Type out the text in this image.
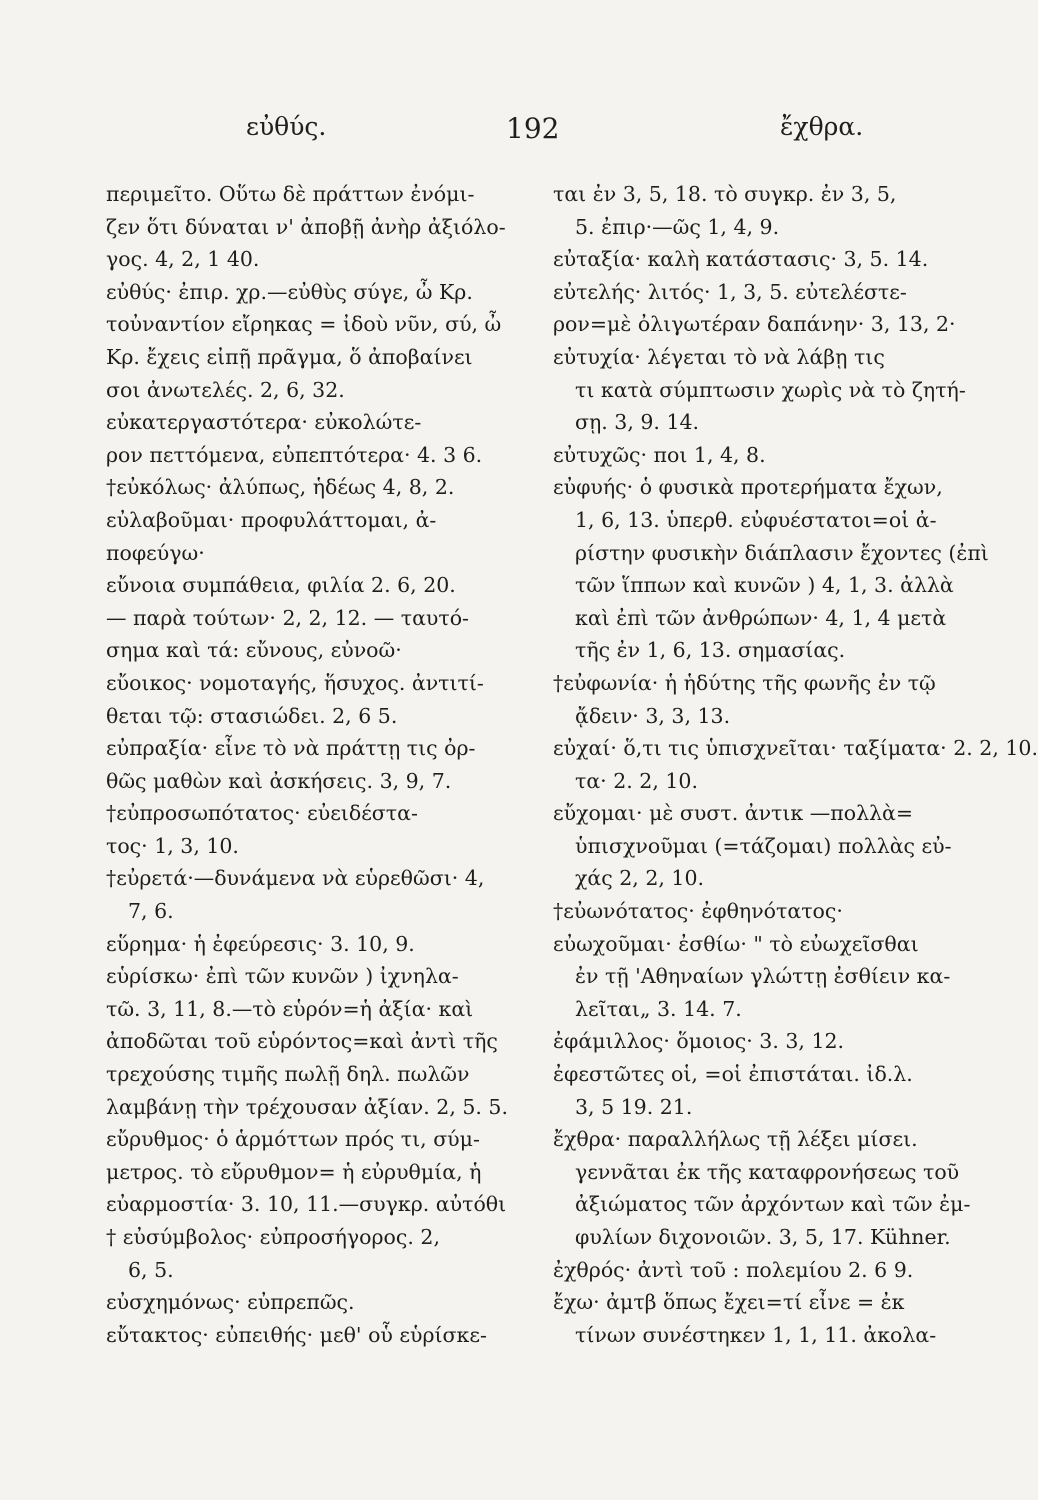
εὐθύς.	192	ἔχθρα.
περιμεῖτο. Οὕτω δὲ πράττων ἐνόμι-
ζεν ὅτι δύναται ν' ἀποβῇ ἀνὴρ ἀξιόλο-
γος. 4, 2, 1 40.
εὐθύς· ἐπιρ. χρ.—εὐθὺς σύγε, ὦ Κρ.
τοὐναντίον εἴρηκας = ἰδοὺ νῦν, σύ, ὦ
Κρ. ἔχεις εἰπῇ πρᾶγμα, ὅ ἀποβαίνει
σοι ἀνωτελές. 2, 6, 32.
εὐκατεργαστότερα· εὐκολώτε-
ρον πεττόμενα, εὐπεπτότερα· 4. 3 6.
†εὐκόλως· ἀλύπως, ἡδέως 4, 8, 2.
εὐλαβοῦμαι· προφυλάττομαι, ἀ-
ποφεύγω·
εὔνοια συμπάθεια, φιλία 2. 6, 20.
— παρὰ τούτων· 2, 2, 12. — ταυτό-
σημα καὶ τά: εὔνους, εὐνοῶ·
εὔοικος· νομοταγής, ἥσυχος. ἀντιτί-
θεται τῷ: στασιώδει. 2, 6 5.
εὐπραξία· εἶνε τὸ νὰ πράττῃ τις ὀρ-
θῶς μαθὼν καὶ ἀσκήσεις. 3, 9, 7.
†εὐπροσωπότατος· εὐειδέστα-
τος· 1, 3, 10.
†εὐρετά·—δυνάμενα νὰ εὑρεθῶσι· 4,
7, 6.
εὕρημα· ἡ ἐφεύρεσις· 3. 10, 9.
εὑρίσκω· ἐπὶ τῶν κυνῶν ) ἰχνηλα-
τῶ. 3, 11, 8.—τὸ εὑρόν=ἡ ἀξία· καὶ
ἀποδῶται τοῦ εὑρόντος=καὶ ἀντὶ τῆς
τρεχούσης τιμῆς πωλῇ δηλ. πωλῶν
λαμβάνῃ τὴν τρέχουσαν ἀξίαν. 2, 5. 5.
εὔρυθμος· ὁ ἁρμόττων πρός τι, σύμ-
μετρος. τὸ εὔρυθμον= ἡ εὐρυθμία, ἡ
εὐαρμοστία· 3. 10, 11.—συγκρ. αὐτόθι
† εὐσύμβολος· εὐπροσήγορος. 2,
6, 5.
εὐσχημόνως· εὐπρεπῶς.
εὔτακτος· εὐπειθής· μεθ' οὗ εὑρίσκε-
ται ἐν 3, 5, 18. τὸ συγκρ. ἐν 3, 5,
5. ἐπιρ·—ῶς 1, 4, 9.
εὐταξία· καλὴ κατάστασις· 3, 5. 14.
εὐτελής· λιτός· 1, 3, 5. εὐτελέστε-
ρον=μὲ ὀλιγωτέραν δαπάνην· 3, 13, 2·
εὐτυχία· λέγεται τὸ νὰ λάβῃ τις
τι κατὰ σύμπτωσιν χωρὶς νὰ τὸ ζητή-
σῃ. 3, 9. 14.
εὐτυχῶς· ποι 1, 4, 8.
εὐφυής· ὁ φυσικὰ προτερήματα ἔχων,
1, 6, 13. ὑπερθ. εὐφυέστατοι=οἱ ἀ-
ρίστην φυσικὴν διάπλασιν ἔχοντες (ἐπὶ
τῶν ἵππων καὶ κυνῶν ) 4, 1, 3. ἀλλὰ
καὶ ἐπὶ τῶν ἀνθρώπων· 4, 1, 4 μετὰ
τῆς ἐν 1, 6, 13. σημασίας.
†εὐφωνία· ἡ ἡδύτης τῆς φωνῆς ἐν τῷ
ᾄδειν· 3, 3, 13.
εὐχαί· ὅ,τι τις ὑπισχνεῖται· ταξίματα· 2. 2, 10.
τα· 2. 2, 10.
εὔχομαι· μὲ συστ. ἀντικ —πολλὰ=
ὑπισχνοῦμαι (=τάζομαι) πολλὰς εὐ-
χάς 2, 2, 10.
†εὐωνότατος· ἐφθηνότατος·
εὐωχοῦμαι· ἐσθίω· " τὸ εὐωχεῖσθαι
ἐν τῇ 'Αθηναίων γλώττῃ ἐσθίειν κα-
λεῖται„ 3. 14. 7.
ἐφάμιλλος· ὅμοιος· 3. 3, 12.
ἐφεστῶτες οἱ, =οἱ ἐπιστάται. ἰδ.λ.
3, 5 19. 21.
ἔχθρα· παραλλήλως τῇ λέξει μίσει.
γεννᾶται ἐκ τῆς καταφρονήσεως τοῦ
ἀξιώματος τῶν ἀρχόντων καὶ τῶν ἐμ-
φυλίων διχονοιῶν. 3, 5, 17. Kühner.
ἐχθρός· ἀντὶ τοῦ : πολεμίου 2. 6 9.
ἔχω· ἀμτβ ὅπως ἔχει=τί εἶνε = ἐκ
τίνων συνέστηκεν 1, 1, 11. ἀκολα-
